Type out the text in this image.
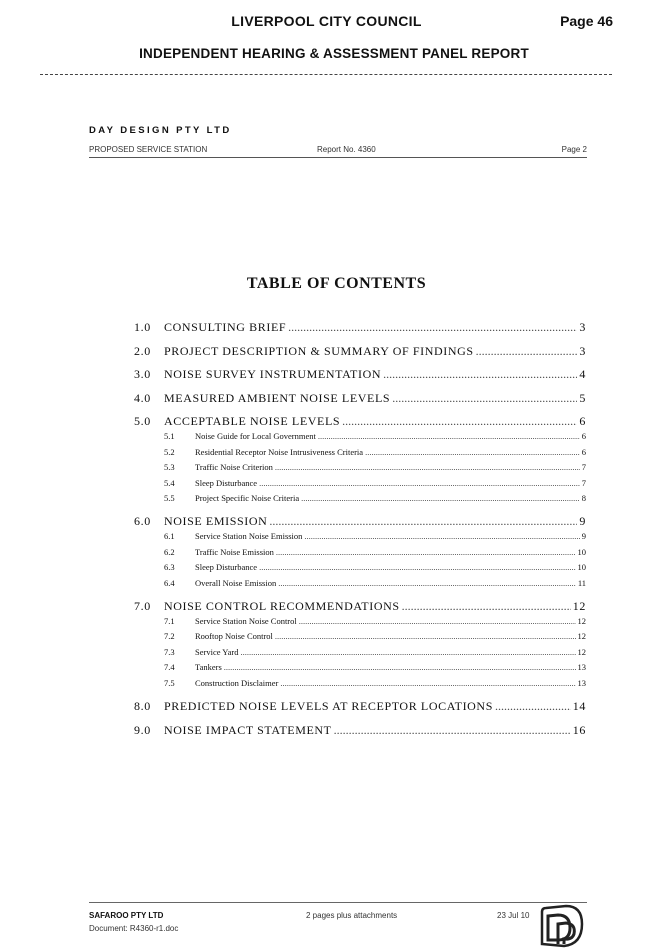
LIVERPOOL CITY COUNCIL	Page 46
INDEPENDENT HEARING & ASSESSMENT PANEL REPORT
DAY DESIGN PTY LTD
PROPOSED SERVICE STATION	Report No. 4360	Page 2
TABLE OF CONTENTS
1.0	CONSULTING BRIEF .....	3
2.0	PROJECT DESCRIPTION & SUMMARY OF FINDINGS .....	3
3.0	NOISE SURVEY INSTRUMENTATION .....	4
4.0	MEASURED AMBIENT NOISE LEVELS .....	5
5.0	ACCEPTABLE NOISE LEVELS .....	6
5.1	Noise Guide for Local Government .....	6
5.2	Residential Receptor Noise Intrusiveness Criteria .....	6
5.3	Traffic Noise Criterion .....	7
5.4	Sleep Disturbance .....	7
5.5	Project Specific Noise Criteria .....	8
6.0	NOISE EMISSION .....	9
6.1	Service Station Noise Emission .....	9
6.2	Traffic Noise Emission .....	10
6.3	Sleep Disturbance .....	10
6.4	Overall Noise Emission .....	11
7.0	NOISE CONTROL RECOMMENDATIONS .....	12
7.1	Service Station Noise Control .....	12
7.2	Rooftop Noise Control .....	12
7.3	Service Yard .....	12
7.4	Tankers .....	13
7.5	Construction Disclaimer .....	13
8.0	PREDICTED NOISE LEVELS AT RECEPTOR LOCATIONS .....	14
9.0	NOISE IMPACT STATEMENT .....	16
SAFAROO PTY LTD
Document: R4360-r1.doc
2 pages plus attachments	23 Jul 10
